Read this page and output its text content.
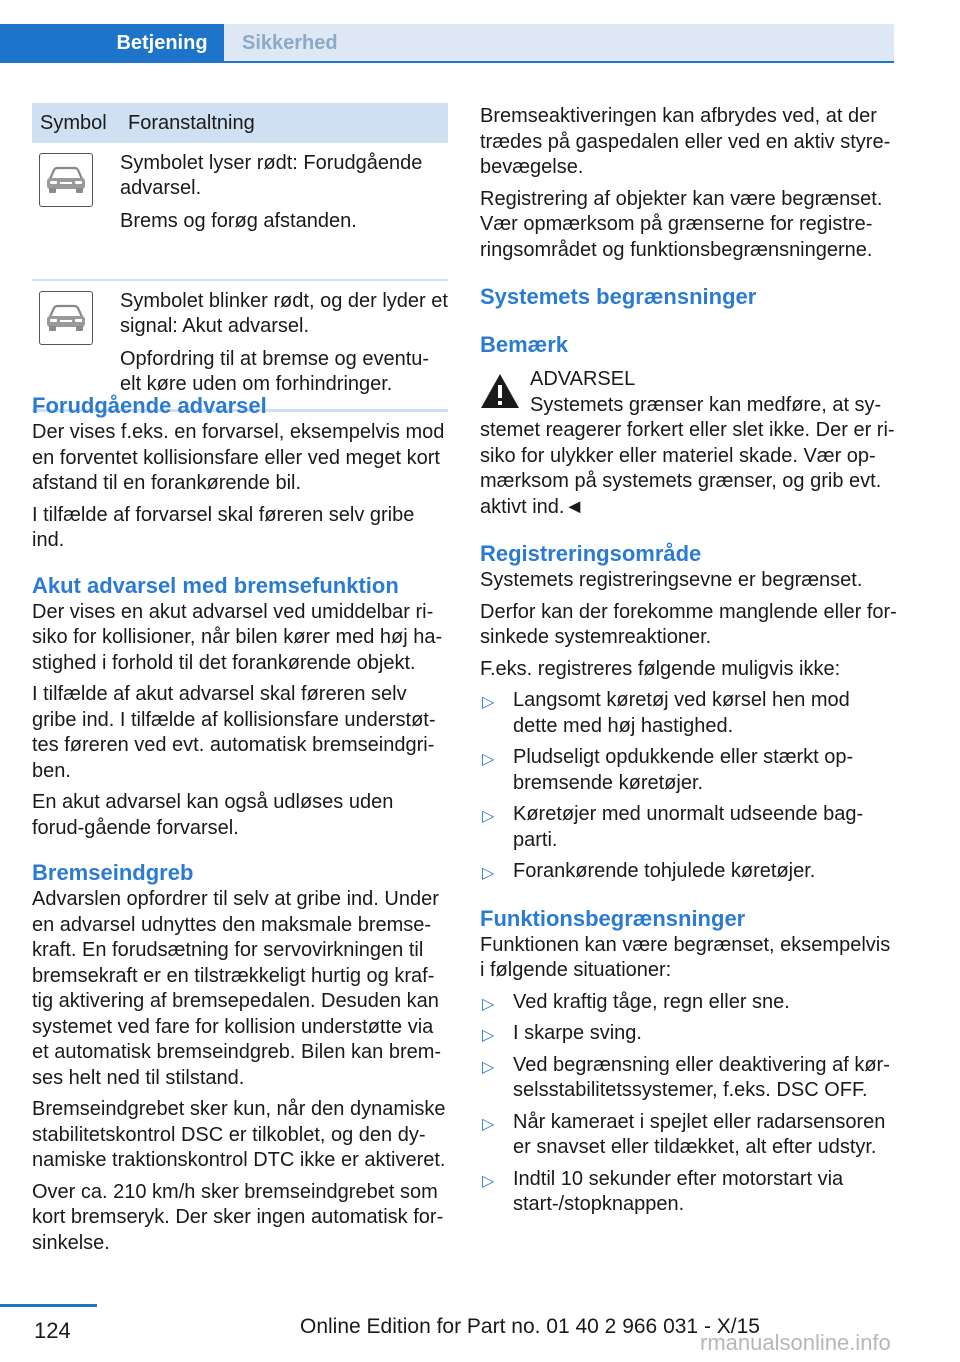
Betjening Sikkerhed
Symbol	Foranstaltning

Symbolet lyser rødt: Forudgående advarsel.

Brems og forøg afstanden.

Symbolet blinker rødt, og der lyder et signal: Akut advarsel.

Opfordring til at bremse og eventu-elt køre uden om forhindringer.

Forudgående advarsel

Der vises f.eks. en forvarsel, eksempelvis mod en forventet kollisionsfare eller ved meget kort afstand til en forankørende bil.

I tilfælde af forvarsel skal føreren selv gribe ind.

Akut advarsel med bremsefunktion

Der vises en akut advarsel ved umiddelbar ri-siko for kollisioner, når bilen kører med høj ha-stighed i forhold til det forankørende objekt.

I tilfælde af akut advarsel skal føreren selv gribe ind. I tilfælde af kollisionsfare understøt-tes føreren ved evt. automatisk bremseindgri-ben.

En akut advarsel kan også udløses uden forud-gående forvarsel.

Bremseindgreb

Advarslen opfordrer til selv at gribe ind. Under en advarsel udnyttes den maksmale bremse-kraft. En forudsætning for servovirkningen til bremsekraft er en tilstrækkeligt hurtig og kraf-tig aktivering af bremsepedalen. Desuden kan systemet ved fare for kollision understøtte via et automatisk bremseindgreb. Bilen kan brem-ses helt ned til stilstand.

Bremseindgrebet sker kun, når den dynamiske stabilitetskontrol DSC er tilkoblet, og den dy-namiske traktionskontrol DTC ikke er aktiveret.

Over ca. 210 km/h sker bremseindgrebet som kort bremseryk. Der sker ingen automatisk for-sinkelse.

Bremseaktiveringen kan afbrydes ved, at der trædes på gaspedalen eller ved en aktiv styre-bevægelse.

Registrering af objekter kan være begrænset. Vær opmærksom på grænserne for registre-ringsområdet og funktionsbegrænsningerne.

Systemets begrænsninger
Bemærk

ADVARSEL

Systemets grænser kan medføre, at sy-stemet reagerer forkert eller slet ikke. Der er ri-siko for ulykker eller materiel skade. Vær op-mærksom på systemets grænser, og grib evt. aktivt ind.◄

Registreringsområde

Systemets registreringsevne er begrænset.

Derfor kan der forekomme manglende eller for-sinkede systemreaktioner.

F.eks. registreres følgende muligvis ikke:

▷ Langsomt køretøj ved kørsel hen mod dette med høj hastighed.
▷ Pludseligt opdukkende eller stærkt op-bremsende køretøjer.
▷ Køretøjer med unormalt udseende bag-parti.
▷ Forankørende tohjulede køretøjer.
Funktionsbegrænsninger

Funktionen kan være begrænset, eksempelvis i følgende situationer:

▷ Ved kraftig tåge, regn eller sne.
▷ I skarpe sving.
▷ Ved begrænsning eller deaktivering af kør-selsstabilitetssystemer, f.eks. DSC OFF.
▷ Når kameraet i spejlet eller radarsensoren er snavset eller tildækket, alt efter udstyr.
▷ Indtil 10 sekunder efter motorstart via start-/stopknappen.
124	Online Edition for Part no. 01 40 2 966 031 - X/15
rmanualsonline.info
